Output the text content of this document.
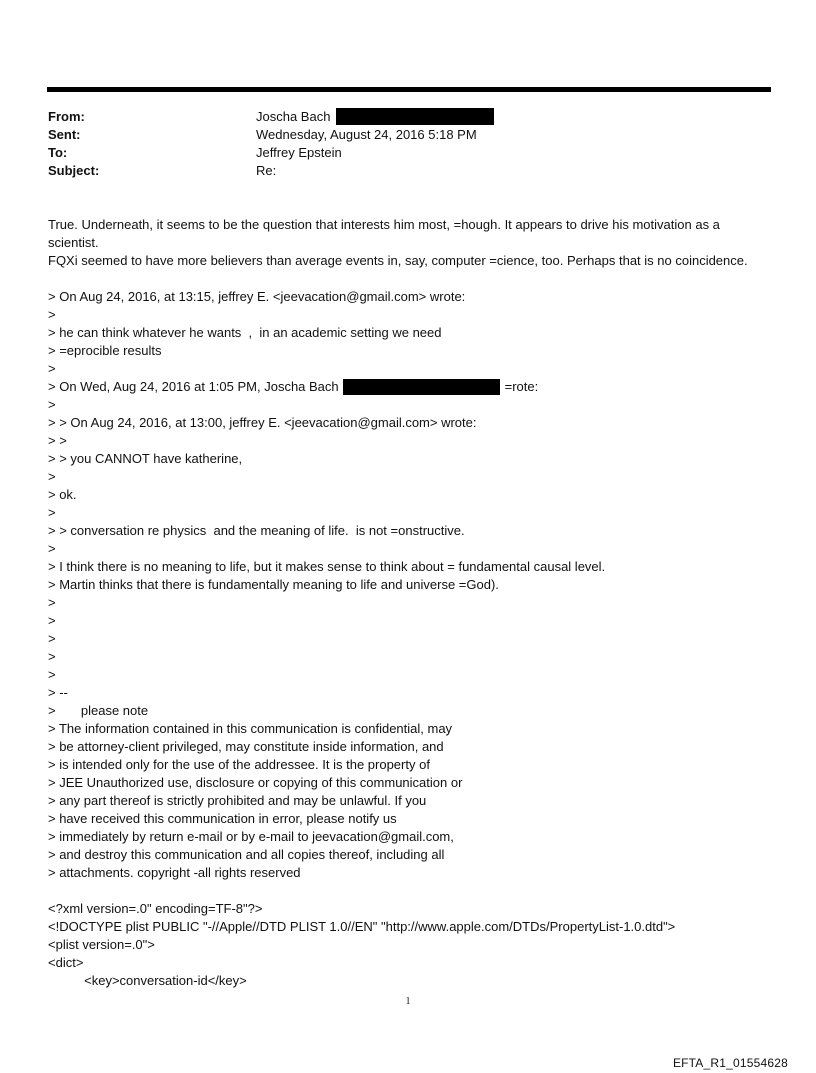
From:	Joscha Bach
Sent:	Wednesday, August 24, 2016 5:18 PM
To:	Jeffrey Epstein
Subject:	Re:
True. Underneath, it seems to be the question that interests him most, =hough. It appears to drive his motivation as a
scientist.
FQXi seemed to have more believers than average events in, say, computer =cience, too. Perhaps that is no coincidence.
> On Aug 24, 2016, at 13:15, jeffrey E. <jeevacation@gmail.com> wrote:
>
> he can think whatever he wants  ,  in an academic setting we need
> =eprocible results
>
> On Wed, Aug 24, 2016 at 1:05 PM, Joscha Bach	=rote:
>
> > On Aug 24, 2016, at 13:00, jeffrey E. <jeevacation@gmail.com> wrote:
> >
> > you CANNOT have katherine,
>
> ok.
>
> > conversation re physics  and the meaning of life.  is not =onstructive.
>
> I think there is no meaning to life, but it makes sense to think about = fundamental causal level.
> Martin thinks that there is fundamentally meaning to life and universe =God).
>
>
>
>
>
> --
>       please note
> The information contained in this communication is confidential, may
> be attorney-client privileged, may constitute inside information, and
> is intended only for the use of the addressee. It is the property of
> JEE Unauthorized use, disclosure or copying of this communication or
> any part thereof is strictly prohibited and may be unlawful. If you
> have received this communication in error, please notify us
> immediately by return e-mail or by e-mail to jeevacation@gmail.com,
> and destroy this communication and all copies thereof, including all
> attachments. copyright -all rights reserved
<?xml version=.0" encoding=TF-8"?>
<!DOCTYPE plist PUBLIC "-//Apple//DTD PLIST 1.0//EN" "http://www.apple.com/DTDs/PropertyList-1.0.dtd">
<plist version=.0">
<dict>
<key>conversation-id</key>
1
EFTA_R1_01554628
